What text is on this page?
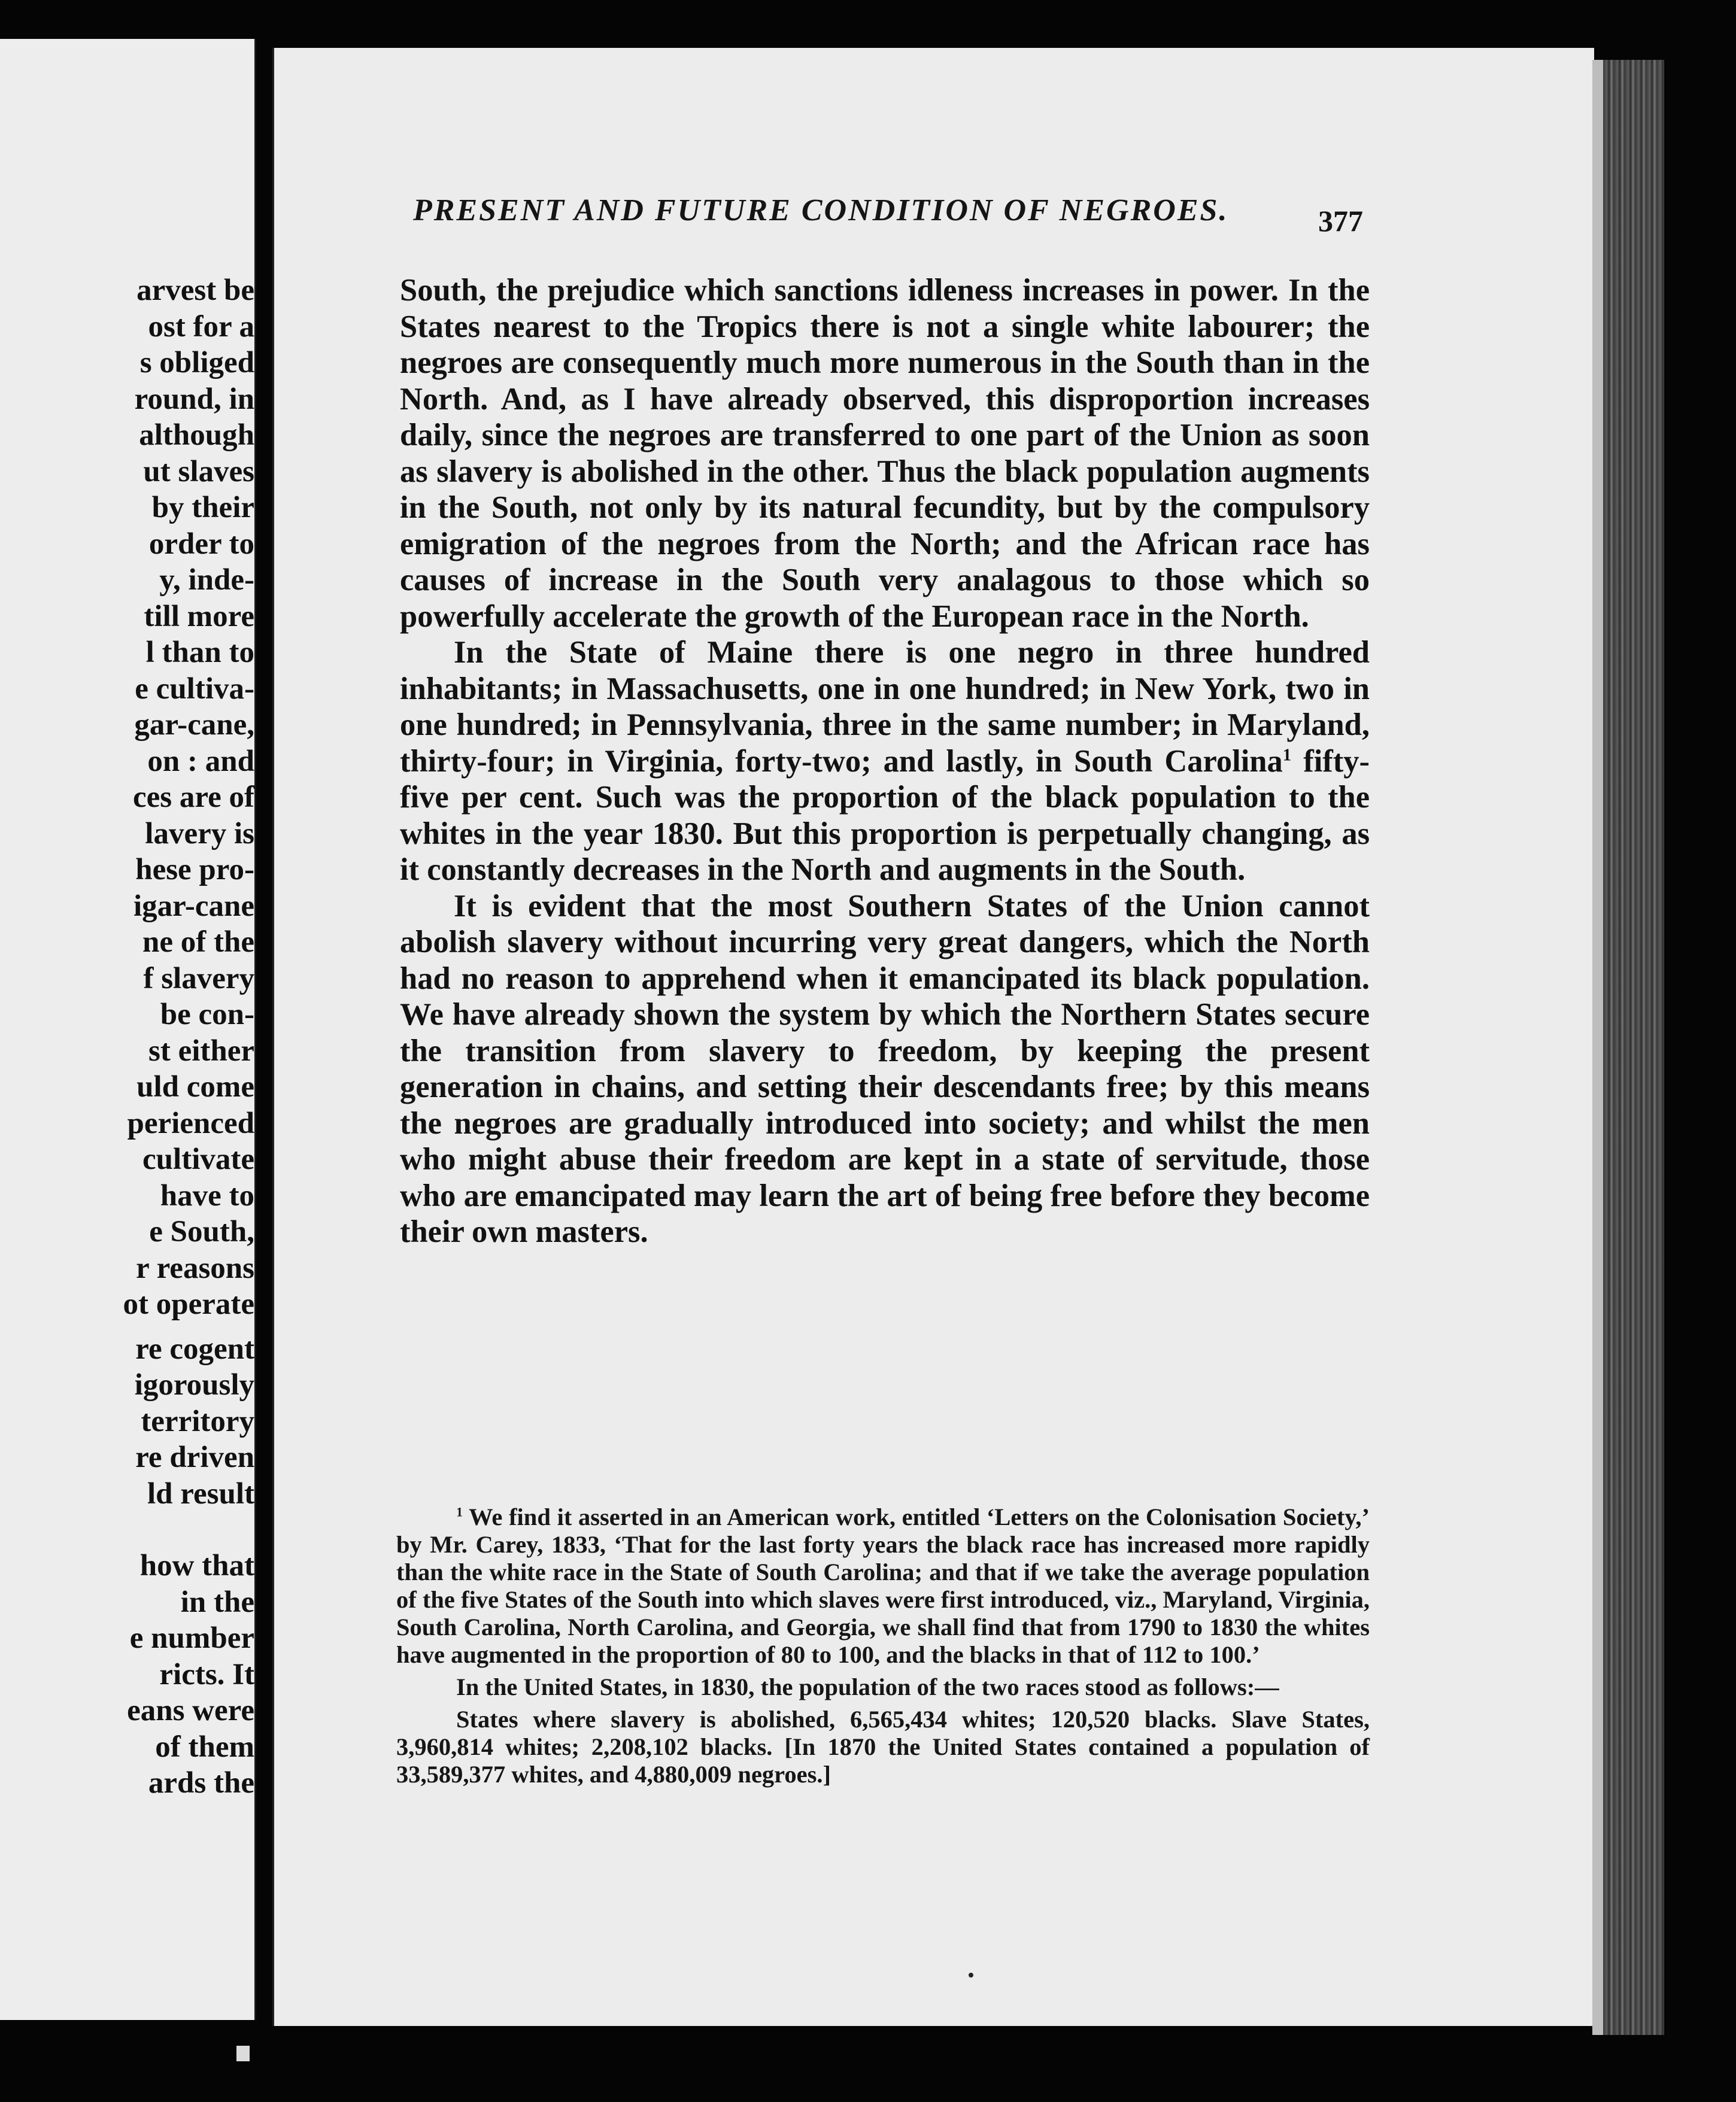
arvest be
ost for a
s obliged
round, in
although
ut slaves
by their
order to
y, inde-
till more
l than to
e cultiva-
gar-cane,
on : and
ces are of
lavery is
hese pro-
igar-cane
ne of the
f slavery
be con-
st either
uld come
perienced
cultivate
have to
e South,
r reasons
ot operate
re cogent
igorously
territory
re driven
ld result
how that
in the
e number
ricts. It
eans were
of them
ards the
PRESENT AND FUTURE CONDITION OF NEGROES.	377

South, the prejudice which sanctions idleness increases in power. In the States nearest to the Tropics there is not a single white labourer; the negroes are consequently much more numerous in the South than in the North. And, as I have already observed, this disproportion increases daily, since the negroes are transferred to one part of the Union as soon as slavery is abolished in the other. Thus the black population augments in the South, not only by its natural fecundity, but by the compulsory emigration of the negroes from the North; and the African race has causes of increase in the South very analagous to those which so powerfully accelerate the growth of the European race in the North.

In the State of Maine there is one negro in three hundred inhabitants; in Massachusetts, one in one hundred; in New York, two in one hundred; in Pennsylvania, three in the same number; in Maryland, thirty-four; in Virginia, forty-two; and lastly, in South Carolina$^1$ fifty-five per cent. Such was the proportion of the black population to the whites in the year 1830. But this proportion is perpetually changing, as it constantly decreases in the North and augments in the South.

It is evident that the most Southern States of the Union cannot abolish slavery without incurring very great dangers, which the North had no reason to apprehend when it emancipated its black population. We have already shown the system by which the Northern States secure the transition from slavery to freedom, by keeping the present generation in chains, and setting their descendants free; by this means the negroes are gradually introduced into society; and whilst the men who might abuse their freedom are kept in a state of servitude, those who are emancipated may learn the art of being free before they become their own masters.

$^1$ We find it asserted in an American work, entitled ‘Letters on the Colonisation Society,’ by Mr. Carey, 1833, ‘That for the last forty years the black race has increased more rapidly than the white race in the State of South Carolina; and that if we take the average population of the five States of the South into which slaves were first introduced, viz., Maryland, Virginia, South Carolina, North Carolina, and Georgia, we shall find that from 1790 to 1830 the whites have augmented in the proportion of 80 to 100, and the blacks in that of 112 to 100.’

In the United States, in 1830, the population of the two races stood as follows:—

States where slavery is abolished, 6,565,434 whites; 120,520 blacks. Slave States, 3,960,814 whites; 2,208,102 blacks. [In 1870 the United States contained a population of 33,589,377 whites, and 4,880,009 negroes.]
